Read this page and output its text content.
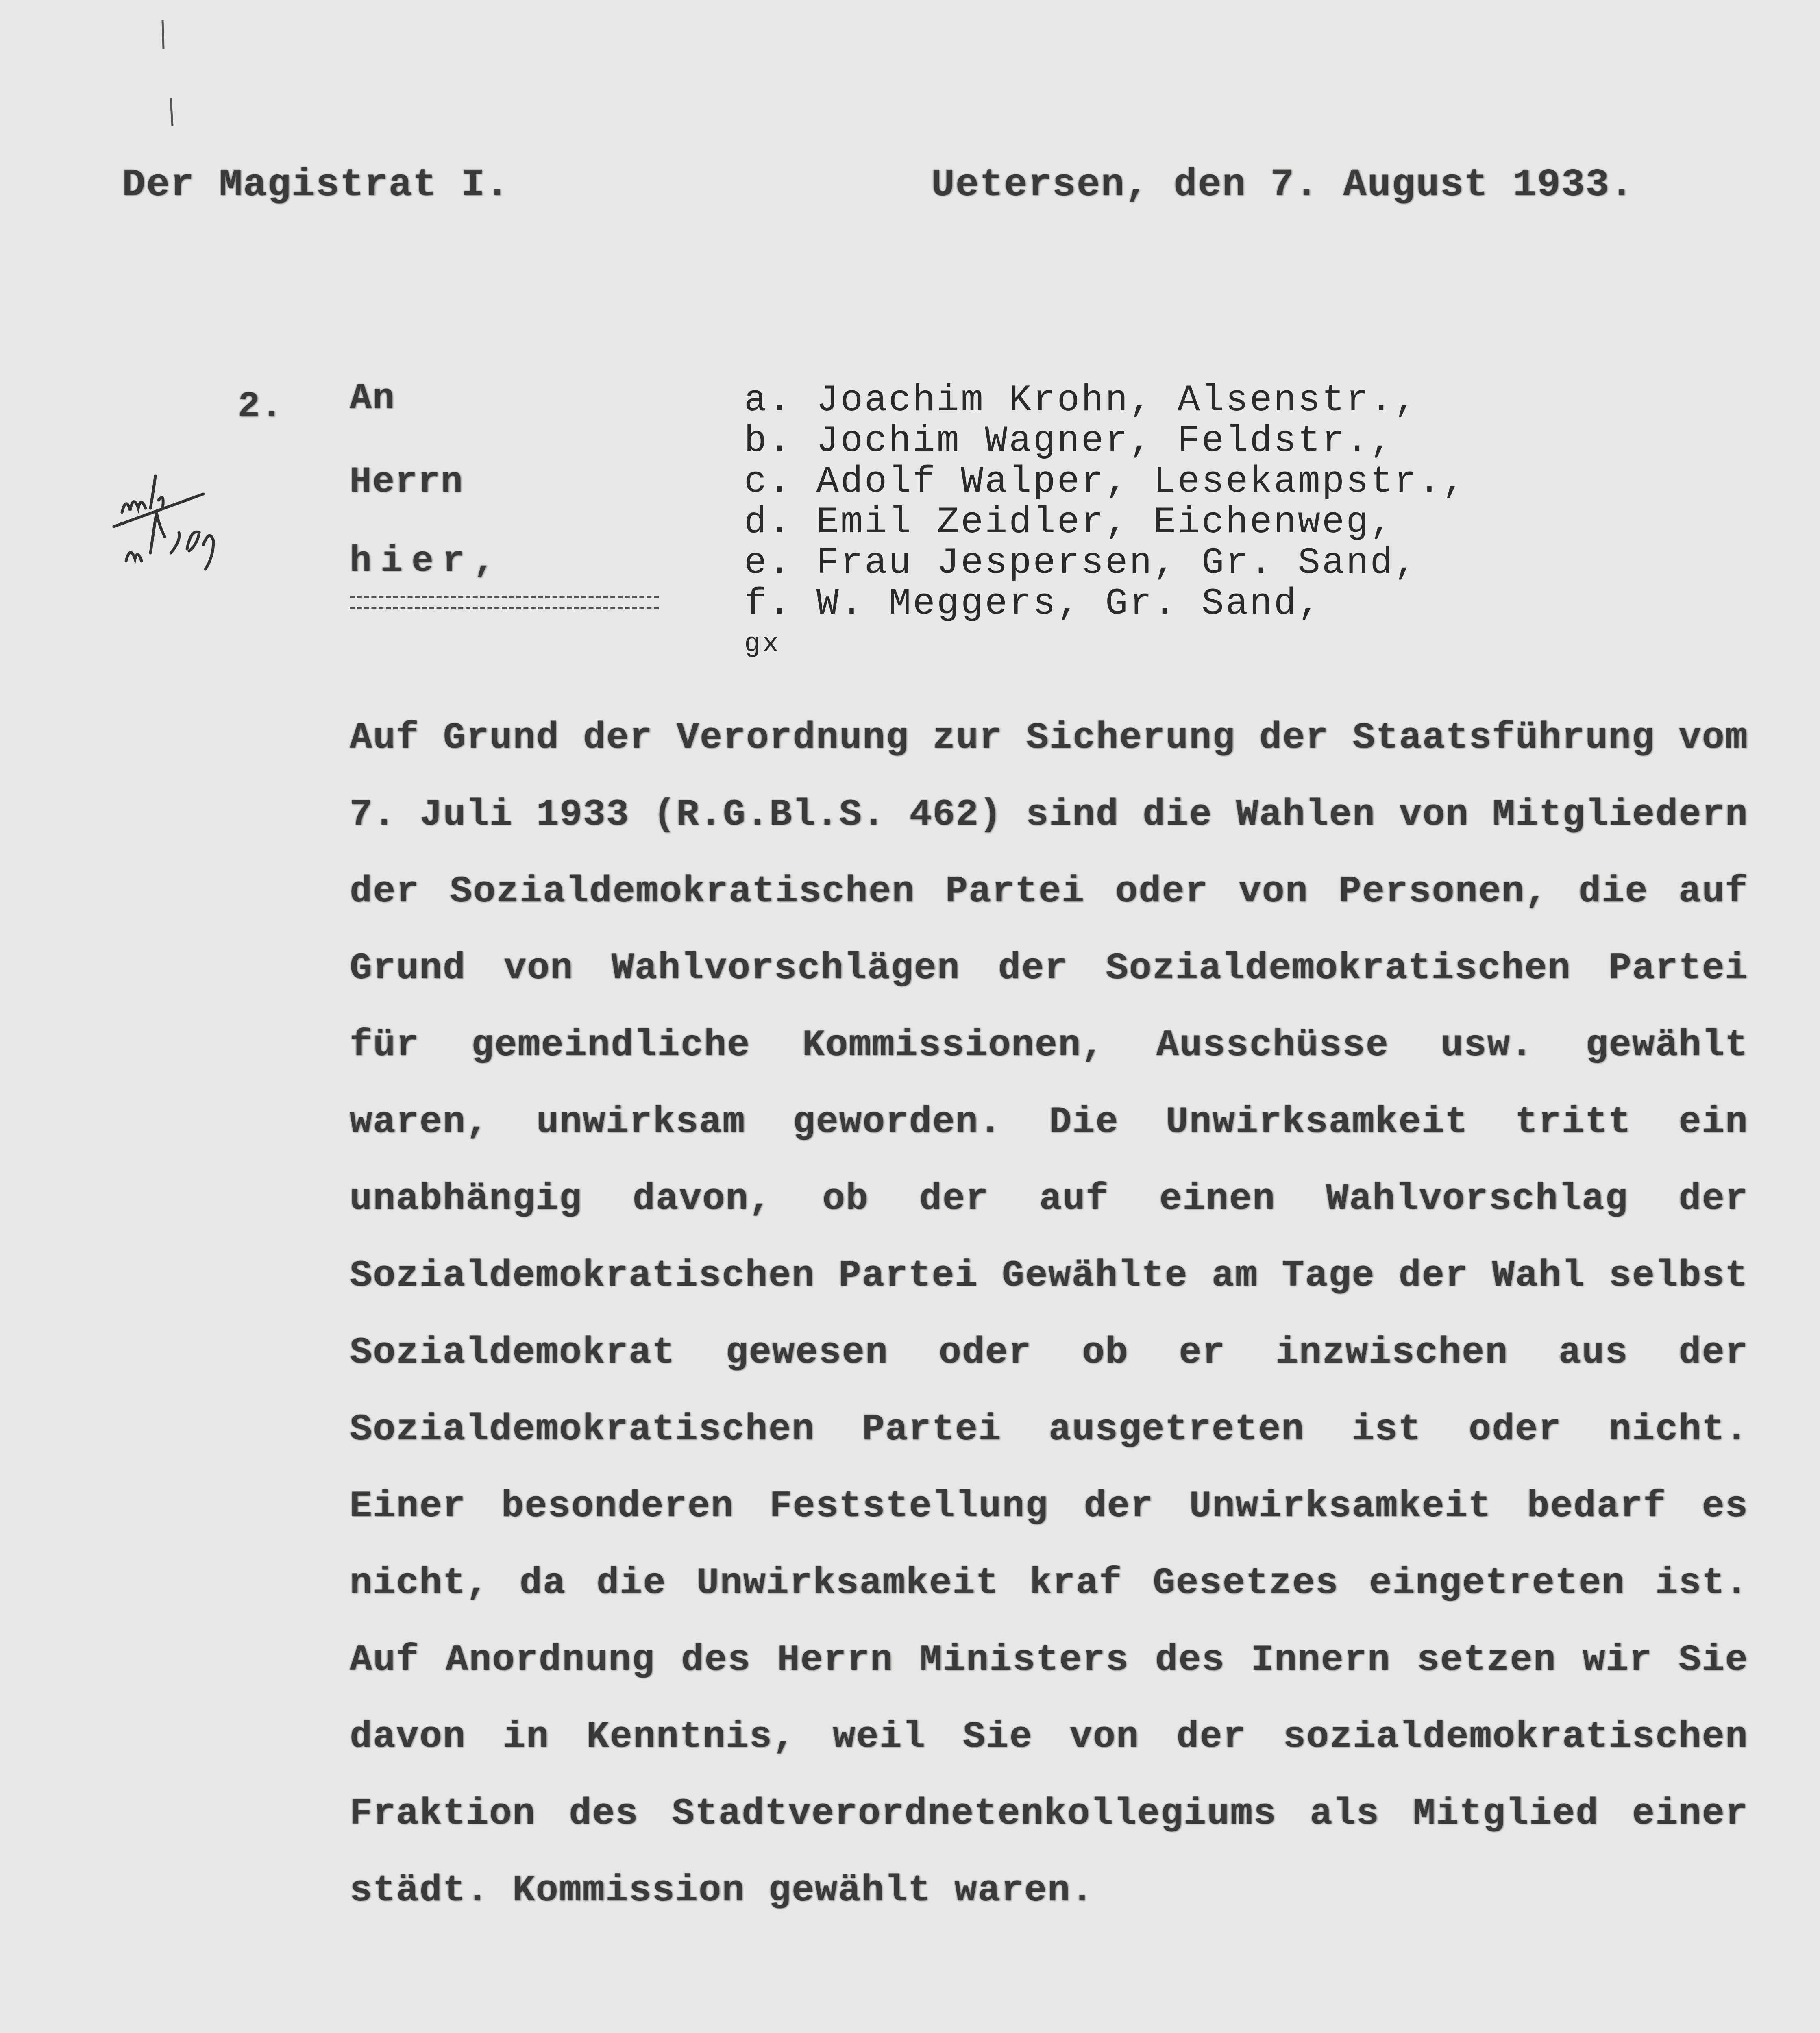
Der Magistrat I.	Uetersen, den 7. August 1933.
2. An
Herrn
hier,
a. Joachim Krohn, Alsenstr.,
b. Jochim Wagner, Feldstr.,
c. Adolf Walper, Lesekampstr.,
d. Emil Zeidler, Eichenweg,
e. Frau Jespersen, Gr. Sand,
f. W. Meggers, Gr. Sand,
gx

Auf Grund der Verordnung zur Sicherung der Staatsführung vom 7. Juli 1933 (R.G.Bl.S. 462) sind die Wahlen von Mitgliedern der Sozialdemokratischen Partei oder von Personen, die auf Grund von Wahlvorschlägen der Sozialdemokratischen Partei für gemeindliche Kommissionen, Ausschüsse usw. gewählt waren, unwirksam geworden. Die Unwirksamkeit tritt ein unabhängig davon, ob der auf einen Wahlvorschlag der Sozialdemokratischen Partei Gewählte am Tage der Wahl selbst Sozialdemokrat gewesen oder ob er inzwischen aus der Sozialdemokratischen Partei ausgetreten ist oder nicht. Einer besonderen Feststellung der Unwirksamkeit bedarf es nicht, da die Unwirksamkeit kraf Gesetzes eingetreten ist. Auf Anordnung des Herrn Ministers des Innern setzen wir Sie davon in Kenntnis, weil Sie von der sozialdemokratischen Fraktion des Stadtverordnetenkollegiums als Mitglied einer städt. Kommission gewählt waren.
